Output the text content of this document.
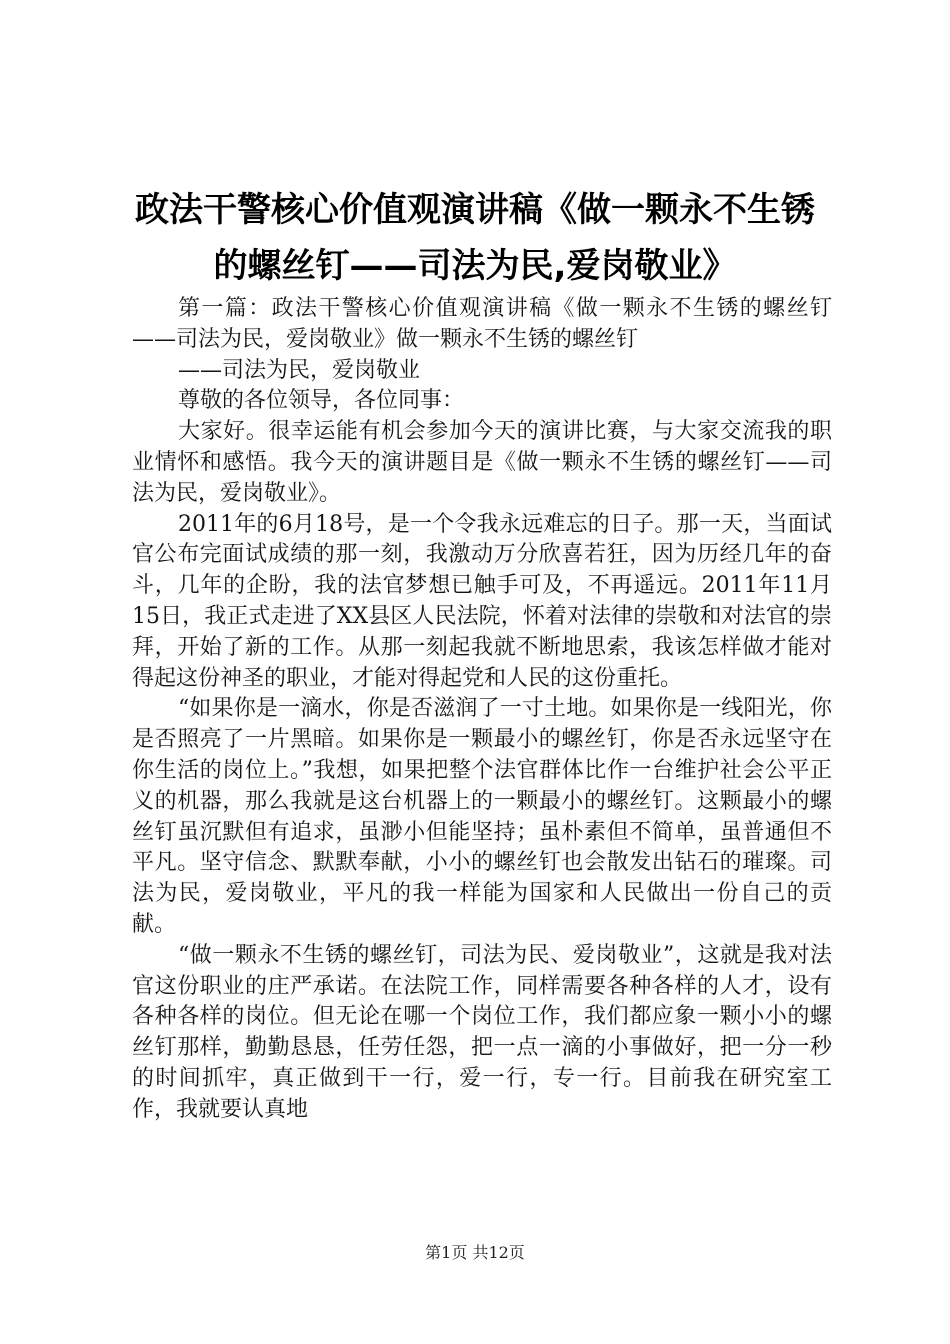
政法干警核心价值观演讲稿《做一颗永不生锈的螺丝钉——司法为民,爱岗敬业》

第一篇：政法干警核心价值观演讲稿《做一颗永不生锈的螺丝钉——司法为民，爱岗敬业》做一颗永不生锈的螺丝钉

——司法为民，爱岗敬业

尊敬的各位领导，各位同事：

大家好。很幸运能有机会参加今天的演讲比赛，与大家交流我的职业情怀和感悟。我今天的演讲题目是《做一颗永不生锈的螺丝钉——司法为民，爱岗敬业》。

2011年的6月18号，是一个令我永远难忘的日子。那一天，当面试官公布完面试成绩的那一刻，我激动万分欣喜若狂，因为历经几年的奋斗，几年的企盼，我的法官梦想已触手可及，不再遥远。2011年11月15日，我正式走进了XX县区人民法院，怀着对法律的崇敬和对法官的崇拜，开始了新的工作。从那一刻起我就不断地思索，我该怎样做才能对得起这份神圣的职业，才能对得起党和人民的这份重托。

“如果你是一滴水，你是否滋润了一寸土地。如果你是一线阳光，你是否照亮了一片黑暗。如果你是一颗最小的螺丝钉，你是否永远坚守在你生活的岗位上。”我想，如果把整个法官群体比作一台维护社会公平正义的机器，那么我就是这台机器上的一颗最小的螺丝钉。这颗最小的螺丝钉虽沉默但有追求，虽渺小但能坚持；虽朴素但不简单，虽普通但不平凡。坚守信念、默默奉献，小小的螺丝钉也会散发出钻石的璀璨。司法为民，爱岗敬业，平凡的我一样能为国家和人民做出一份自己的贡献。

“做一颗永不生锈的螺丝钉，司法为民、爱岗敬业”，这就是我对法官这份职业的庄严承诺。在法院工作，同样需要各种各样的人才，设有各种各样的岗位。但无论在哪一个岗位工作，我们都应象一颗小小的螺丝钉那样，勤勤恳恳，任劳任怨，把一点一滴的小事做好，把一分一秒的时间抓牢，真正做到干一行，爱一行，专一行。目前我在研究室工作，我就要认真地

第1页 共12页
